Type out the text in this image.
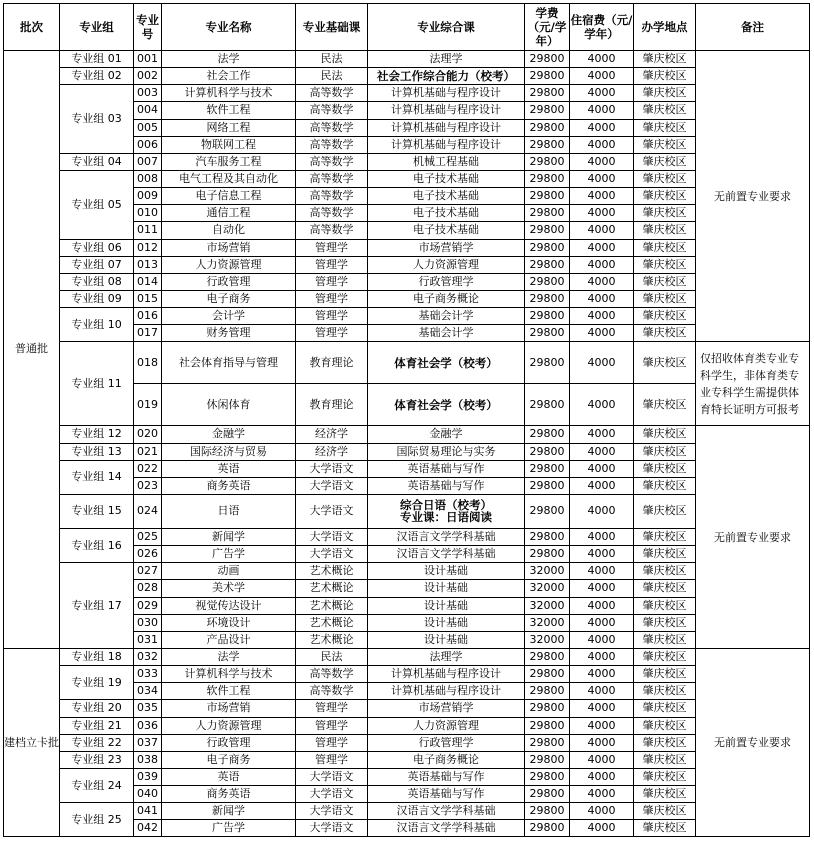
批次	专业组	专业号	专业名称	专业基础课	专业综合课	学费（元/学年）	住宿费（元/学年）	办学地点	备注
普通批	专业组 01	001	法学	民法	法理学	29800	4000	肇庆校区	无前置专业要求
	专业组 02	002	社会工作	民法	社会工作综合能力（校考）	29800	4000	肇庆校区	
	专业组 03	003	计算机科学与技术	高等数学	计算机基础与程序设计	29800	4000	肇庆校区	
		004	软件工程	高等数学	计算机基础与程序设计	29800	4000	肇庆校区	
		005	网络工程	高等数学	计算机基础与程序设计	29800	4000	肇庆校区	
		006	物联网工程	高等数学	计算机基础与程序设计	29800	4000	肇庆校区	
	专业组 04	007	汽车服务工程	高等数学	机械工程基础	29800	4000	肇庆校区	
	专业组 05	008	电气工程及其自动化	高等数学	电子技术基础	29800	4000	肇庆校区	
		009	电子信息工程	高等数学	电子技术基础	29800	4000	肇庆校区	
		010	通信工程	高等数学	电子技术基础	29800	4000	肇庆校区	
		011	自动化	高等数学	电子技术基础	29800	4000	肇庆校区	
	专业组 06	012	市场营销	管理学	市场营销学	29800	4000	肇庆校区	
	专业组 07	013	人力资源管理	管理学	人力资源管理	29800	4000	肇庆校区	
	专业组 08	014	行政管理	管理学	行政管理学	29800	4000	肇庆校区	
	专业组 09	015	电子商务	管理学	电子商务概论	29800	4000	肇庆校区	
	专业组 10	016	会计学	管理学	基础会计学	29800	4000	肇庆校区	
		017	财务管理	管理学	基础会计学	29800	4000	肇庆校区	
	专业组 11	018	社会体育指导与管理	教育理论	体育社会学（校考）	29800	4000	肇庆校区	仅招收体育类专业专科学生，非体育类专业专科学生需提供体育特长证明方可报考
		019	休闲体育	教育理论	体育社会学（校考）	29800	4000	肇庆校区	
	专业组 12	020	金融学	经济学	金融学	29800	4000	肇庆校区	无前置专业要求
	专业组 13	021	国际经济与贸易	经济学	国际贸易理论与实务	29800	4000	肇庆校区	
	专业组 14	022	英语	大学语文	英语基础与写作	29800	4000	肇庆校区	
		023	商务英语	大学语文	英语基础与写作	29800	4000	肇庆校区	
	专业组 15	024	日语	大学语文	综合日语（校考）
专业课：日语阅读	29800	4000	肇庆校区	
	专业组 16	025	新闻学	大学语文	汉语言文学学科基础	29800	4000	肇庆校区	
		026	广告学	大学语文	汉语言文学学科基础	29800	4000	肇庆校区	
	专业组 17	027	动画	艺术概论	设计基础	32000	4000	肇庆校区	
		028	美术学	艺术概论	设计基础	32000	4000	肇庆校区	
		029	视觉传达设计	艺术概论	设计基础	32000	4000	肇庆校区	
		030	环境设计	艺术概论	设计基础	32000	4000	肇庆校区	
		031	产品设计	艺术概论	设计基础	32000	4000	肇庆校区	
建档立卡批	专业组 18	032	法学	民法	法理学	29800	4000	肇庆校区	无前置专业要求
	专业组 19	033	计算机科学与技术	高等数学	计算机基础与程序设计	29800	4000	肇庆校区	
		034	软件工程	高等数学	计算机基础与程序设计	29800	4000	肇庆校区	
	专业组 20	035	市场营销	管理学	市场营销学	29800	4000	肇庆校区	
	专业组 21	036	人力资源管理	管理学	人力资源管理	29800	4000	肇庆校区	
	专业组 22	037	行政管理	管理学	行政管理学	29800	4000	肇庆校区	
	专业组 23	038	电子商务	管理学	电子商务概论	29800	4000	肇庆校区	
	专业组 24	039	英语	大学语文	英语基础与写作	29800	4000	肇庆校区	
		040	商务英语	大学语文	英语基础与写作	29800	4000	肇庆校区	
	专业组 25	041	新闻学	大学语文	汉语言文学学科基础	29800	4000	肇庆校区	
		042	广告学	大学语文	汉语言文学学科基础	29800	4000	肇庆校区	
